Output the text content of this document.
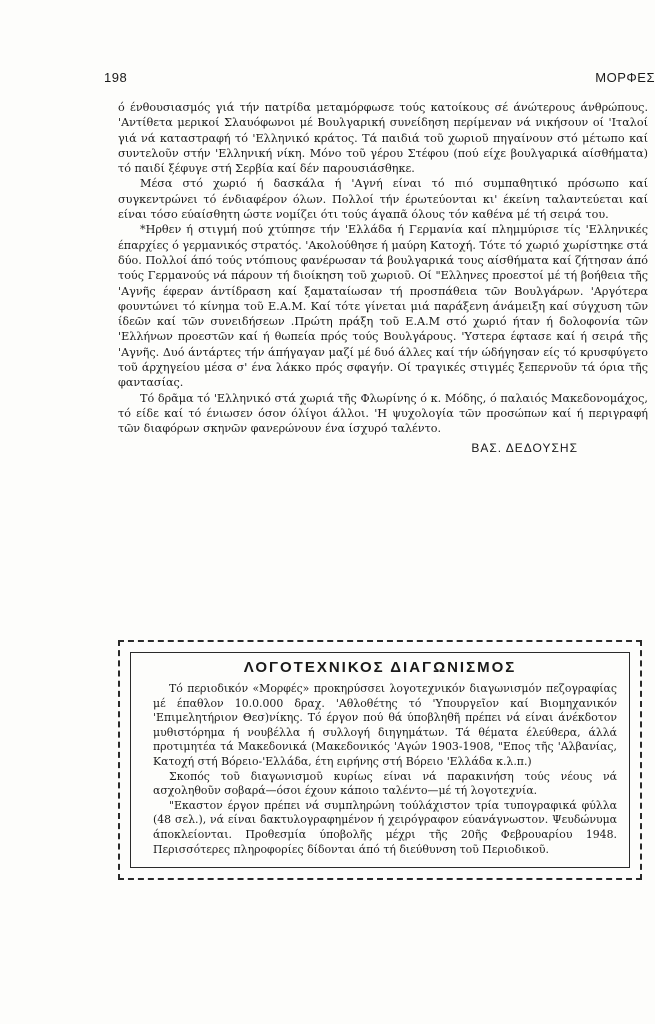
198	ΜΟΡΦΕΣ

ό ένθουσιασμός γιά τήν πατρίδα μεταμόρφωσε τούς κατοίκους σέ άνώτερους άνθρώπους. 'Αντίθετα μερικοί Σλαυόφωνοι μέ Βουλγαρική συνείδηση περίμεναν νά νικήσουν οί 'Ιταλοί γιά νά καταστραφή τό 'Ελληνικό κράτος. Τά παιδιά τοῦ χωριοῦ πηγαίνουν στό μέτωπο καί συντελοῦν στήν 'Ελληνική νίκη. Μόνο τοῦ γέρου Στέφου (πού είχε βουλγαρικά αίσθήματα) τό παιδί ξέφυγε στή Σερβία καί δέν παρουσιάσθηκε.

Μέσα στό χωριό ή δασκάλα ή 'Αγνή είναι τό πιό συμπαθητικό πρόσωπο καί συγκεντρώνει τό ένδιαφέρον όλων. Πολλοί τήν έρωτεύονται κι' έκείνη ταλαντεύεται καί είναι τόσο εύαίσθητη ώστε νομίζει ότι τούς άγαπᾶ όλους τόν καθένα μέ τή σειρά του.

*Ηρθεν ή στιγμή πού χτύπησε τήν 'Ελλάδα ή Γερμανία καί πλημμύρισε τίς 'Ελληνικές έπαρχίες ό γερμανικός στρατός. 'Ακολούθησε ή μαύρη Κατοχή. Τότε τό χωριό χωρίστηκε στά δύο. Πολλοί άπό τούς ντόπιους φανέρωσαν τά βουλγαρικά τους αίσθήματα καί ζήτησαν άπό τούς Γερμανούς νά πάρουν τή διοίκηση τοῦ χωριοῦ. Οί "Ελληνες προεστοί μέ τή βοήθεια τῆς 'Αγνῆς έφεραν άντίδραση καί ξαματαίωσαν τή προσπάθεια τῶν Βουλγάρων. 'Αργότερα φουντώνει τό κίνημα τοῦ Ε.Α.Μ. Καί τότε γίνεται μιά παράξενη άνάμειξη καί σύγχυση τῶν ίδεῶν καί τῶν συνειδήσεων .Πρώτη πράξη τοῦ Ε.Α.Μ στό χωριό ήταν ή δολοφονία τῶν 'Ελλήνων προεστῶν καί ή θωπεία πρός τούς Βουλγάρους. 'Υστερα έφτασε καί ή σειρά τῆς 'Αγνῆς. Δυό άντάρτες τήν άπήγαγαν μαζί μέ δυό άλλες καί τήν ώδήγησαν είς τό κρυσφύγετο τοῦ άρχηγείου μέσα σ' ένα λάκκο πρός σφαγήν. Οί τραγικές στιγμές ξεπερνοῦν τά όρια τῆς φαντασίας.

Τό δρᾶμα τό 'Ελληνικό στά χωριά τῆς Φλωρίνης ό κ. Μόδης, ό παλαιός Μακεδονομάχος, τό είδε καί τό ένιωσεν όσον όλίγοι άλλοι. 'Η ψυχολογία τῶν προσώπων καί ή περιγραφή τῶν διαφόρων σκηνῶν φανερώνουν ένα ίσχυρό ταλέντο.

ΒΑΣ. ΔΕΔΟΥΣΗΣ
ΛΟΓΟΤΕΧΝΙΚΟΣ ΔΙΑΓΩΝΙΣΜΟΣ

Τό περιοδικόν «Μορφές» προκηρύσσει λογοτεχνικόν διαγωνισμόν πεζογραφίας μέ έπαθλον 10.0.000 δραχ. 'Αθλοθέτης τό 'Υπουργεῖον καί Βιομηχανικόν 'Επιμελητήριον Θεσ)νίκης. Τό έργον πού θά ύποβληθῆ πρέπει νά είναι άνέκδοτον μυθιστόρημα ή νουβέλλα ή συλλογή διηγημάτων. Τά θέματα έλεύθερα, άλλά προτιμητέα τά Μακεδονικά (Μακεδονικός 'Αγών 1903-1908, "Επος τῆς 'Αλβανίας, Κατοχή στή Βόρειο-'Ελλάδα, έτη ειρήνης στή Βόρειο 'Ελλάδα κ.λ.π.)

Σκοπός τοῦ διαγωνισμοῦ κυρίως είναι νά παρακινήση τούς νέους νά ασχοληθοῦν σοβαρά—όσοι έχουν κάποιο ταλέντο—μέ τή λογοτεχνία.

"Εκαστον έργον πρέπει νά συμπληρώνη τούλάχιστον τρία τυπογραφικά φύλλα (48 σελ.), νά είναι δακτυλογραφημένον ή χειρόγραφον εύανάγνωστον. Ψευδώνυμα άποκλείονται. Προθεσμία ύποβολῆς μέχρι τῆς 20ῆς Φεβρουαρίου 1948. Περισσότερες πληροφορίες δίδονται άπό τή διεύθυνση τοῦ Περιοδικοῦ.
